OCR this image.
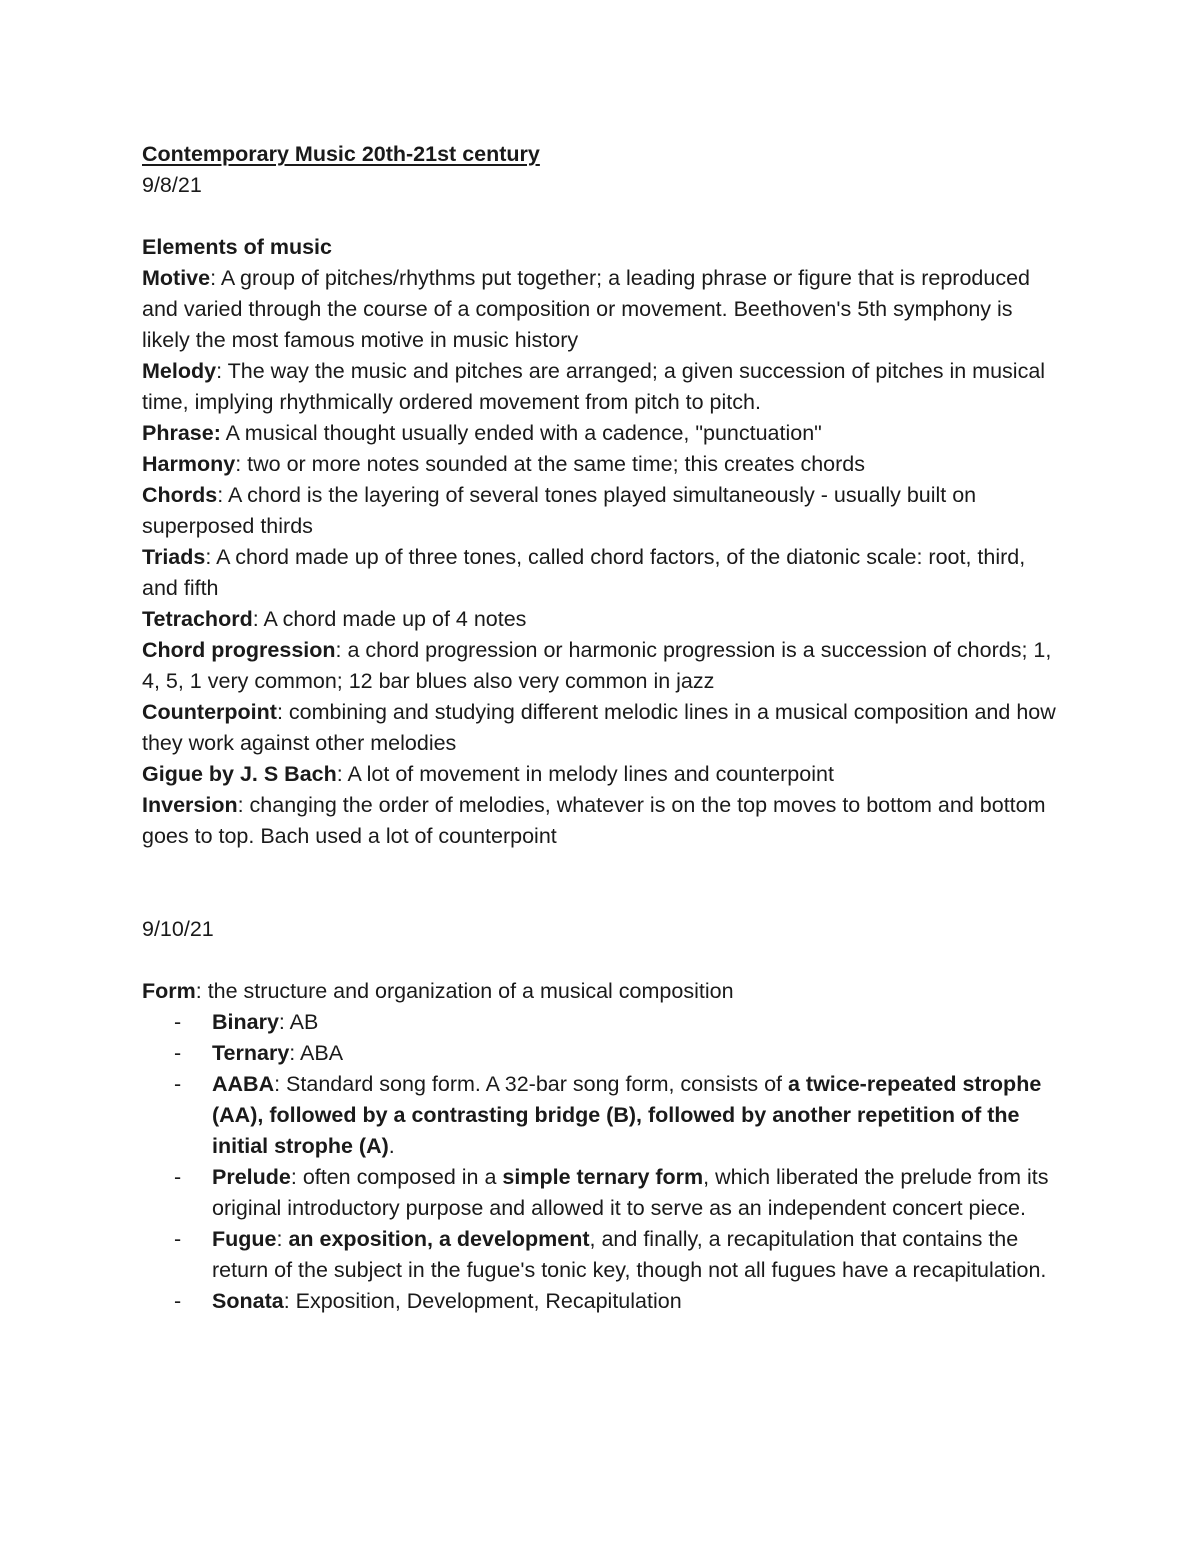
Contemporary Music 20th-21st century

9/8/21

Elements of music

Motive: A group of pitches/rhythms put together; a leading phrase or figure that is reproduced and varied through the course of a composition or movement. Beethoven's 5th symphony is likely the most famous motive in music history

Melody: The way the music and pitches are arranged; a given succession of pitches in musical time, implying rhythmically ordered movement from pitch to pitch.

Phrase: A musical thought usually ended with a cadence, "punctuation"

Harmony: two or more notes sounded at the same time; this creates chords

Chords: A chord is the layering of several tones played simultaneously - usually built on superposed thirds

Triads: A chord made up of three tones, called chord factors, of the diatonic scale: root, third, and fifth

Tetrachord: A chord made up of 4 notes

Chord progression: a chord progression or harmonic progression is a succession of chords; 1, 4, 5, 1 very common; 12 bar blues also very common in jazz

Counterpoint: combining and studying different melodic lines in a musical composition and how they work against other melodies

Gigue by J. S Bach: A lot of movement in melody lines and counterpoint

Inversion: changing the order of melodies, whatever is on the top moves to bottom and bottom goes to top. Bach used a lot of counterpoint

9/10/21

Form: the structure and organization of a musical composition

- Binary: AB
- Ternary: ABA
- AABA: Standard song form. A 32-bar song form, consists of a twice-repeated strophe (AA), followed by a contrasting bridge (B), followed by another repetition of the initial strophe (A).
- Prelude: often composed in a simple ternary form, which liberated the prelude from its original introductory purpose and allowed it to serve as an independent concert piece.
- Fugue: an exposition, a development, and finally, a recapitulation that contains the return of the subject in the fugue's tonic key, though not all fugues have a recapitulation.
- Sonata: Exposition, Development, Recapitulation
